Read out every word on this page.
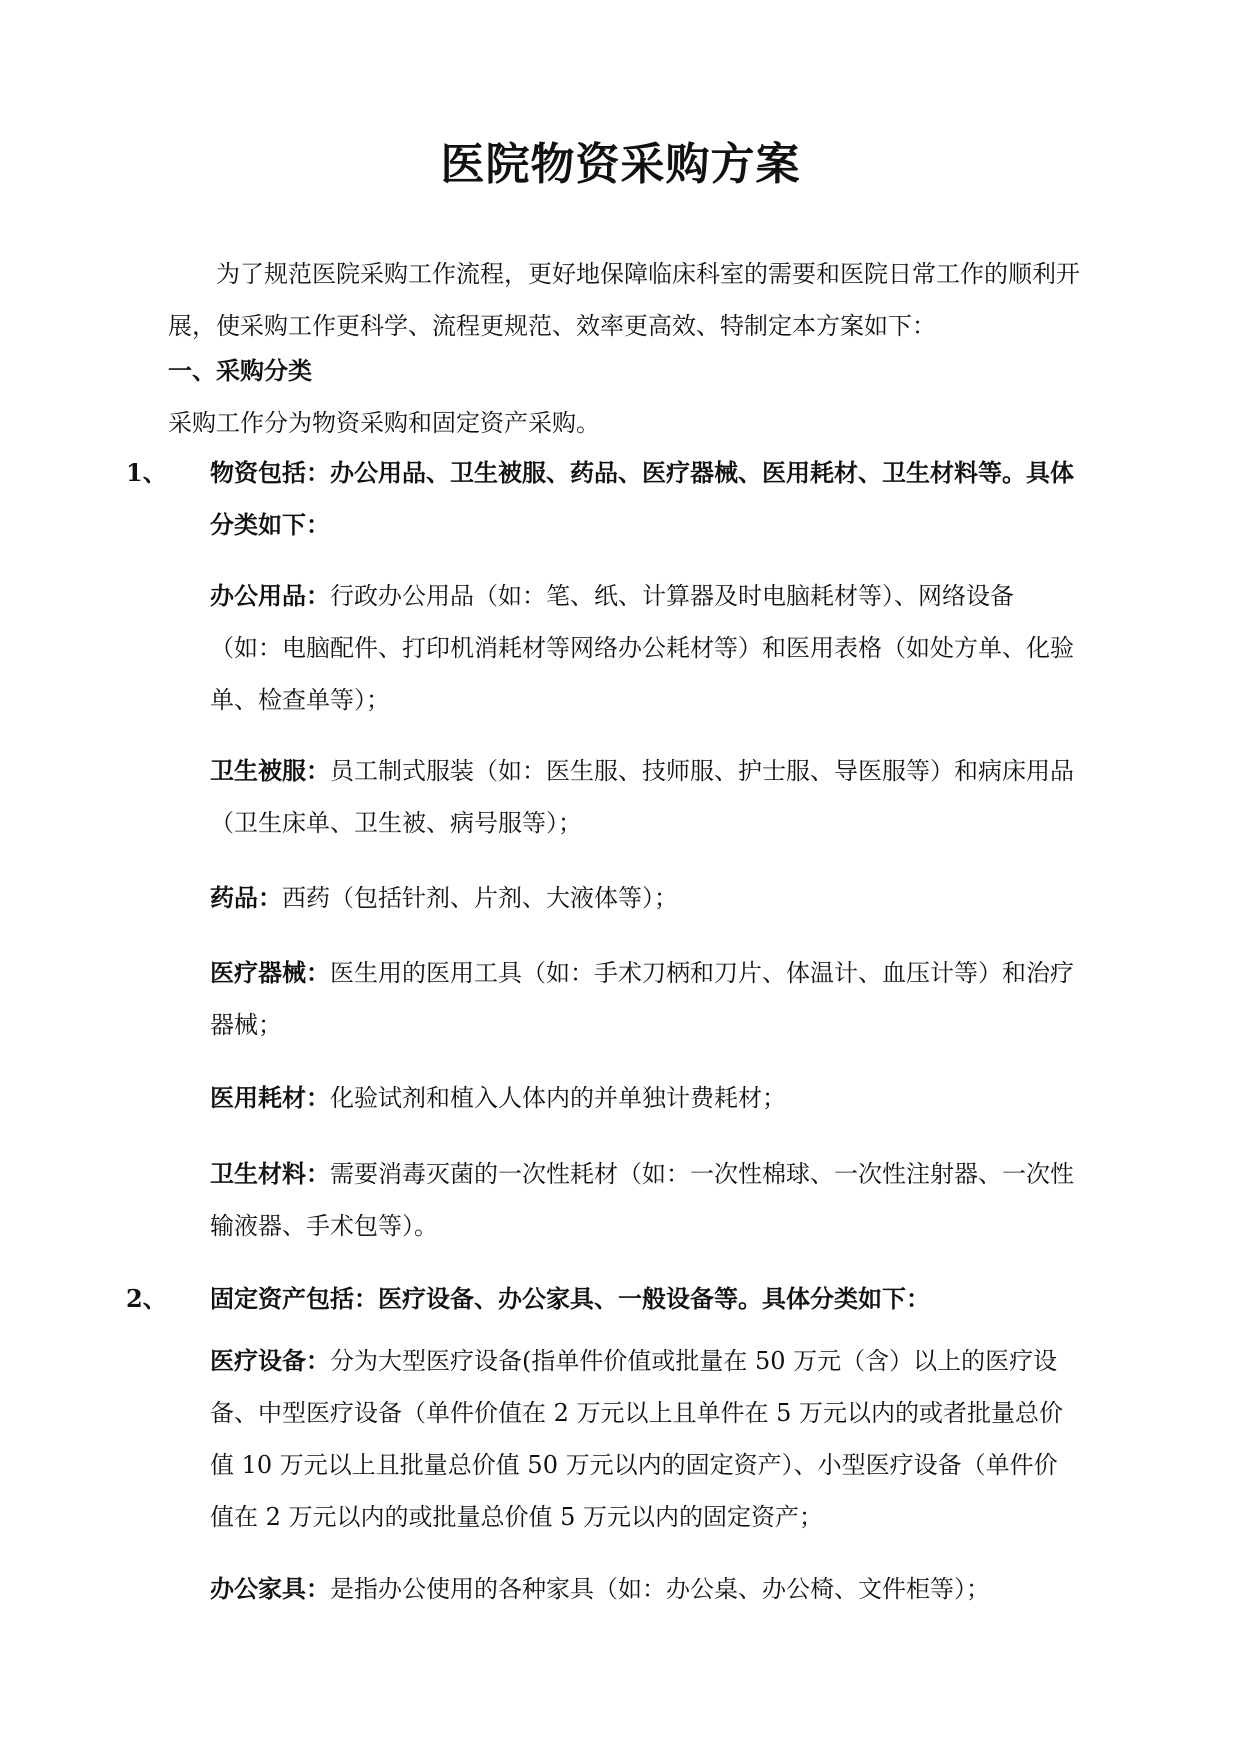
医院物资采购方案

为了规范医院采购工作流程，更好地保障临床科室的需要和医院日常工作的顺利开展，使采购工作更科学、流程更规范、效率更高效、特制定本方案如下：

一、采购分类
采购工作分为物资采购和固定资产采购。

1、 物资包括：办公用品、卫生被服、药品、医疗器械、医用耗材、卫生材料等。具体分类如下：

办公用品：行政办公用品（如：笔、纸、计算器及时电脑耗材等）、网络设备（如：电脑配件、打印机消耗材等网络办公耗材等）和医用表格（如处方单、化验单、检查单等）；

卫生被服：员工制式服装（如：医生服、技师服、护士服、导医服等）和病床用品（卫生床单、卫生被、病号服等）；

药品：西药（包括针剂、片剂、大液体等）；

医疗器械：医生用的医用工具（如：手术刀柄和刀片、体温计、血压计等）和治疗器械；

医用耗材：化验试剂和植入人体内的并单独计费耗材；

卫生材料：需要消毒灭菌的一次性耗材（如：一次性棉球、一次性注射器、一次性输液器、手术包等）。

2、 固定资产包括：医疗设备、办公家具、一般设备等。具体分类如下：

医疗设备：分为大型医疗设备(指单件价值或批量在 50 万元（含）以上的医疗设备、中型医疗设备（单件价值在 2 万元以上且单件在 5 万元以内的或者批量总价值 10 万元以上且批量总价值 50 万元以内的固定资产）、小型医疗设备（单件价值在 2 万元以内的或批量总价值 5 万元以内的固定资产；

办公家具：是指办公使用的各种家具（如：办公桌、办公椅、文件柜等）；
